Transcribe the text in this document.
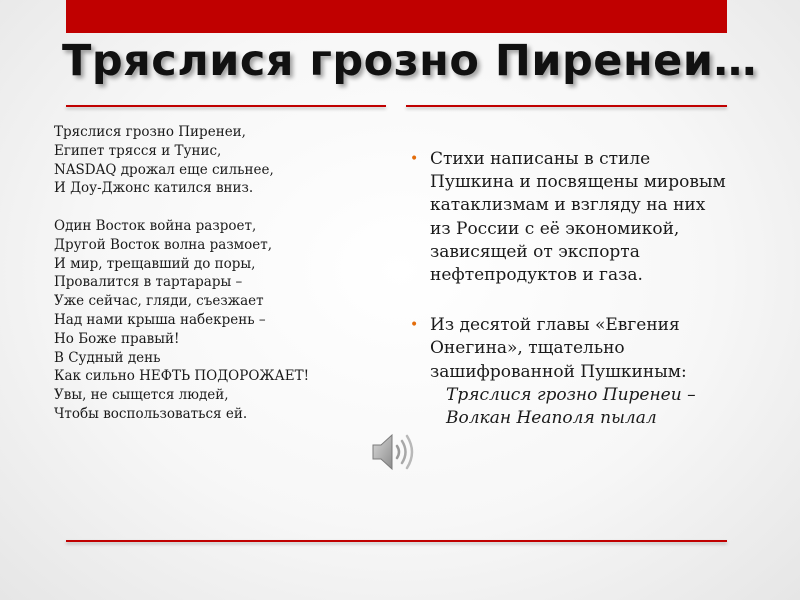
Тряслися грозно Пиренеи…
Тряслися грозно Пиренеи,
Египет трясся и Тунис,
NASDAQ дрожал еще сильнее,
И Доу-Джонс катился вниз.
Один Восток война разроет,
Другой Восток волна размоет,
И мир, трещавший до поры,
Провалится в тартарары –
Уже сейчас, гляди, съезжает
Над нами крыша набекрень –
Но Боже правый!
В Судный день
Как сильно НЕФТЬ ПОДОРОЖАЕТ!
Увы, не сыщется людей,
Чтобы воспользоваться ей.
• Стихи написаны в стиле Пушкина и посвящены мировым катаклизмам и взгляду на них из России с её экономикой, зависящей от экспорта нефтепродуктов и газа.
• Из десятой главы «Евгения Онегина», тщательно зашифрованной Пушкиным:
Тряслися грозно Пиренеи –
Волкан Неаполя пылал
